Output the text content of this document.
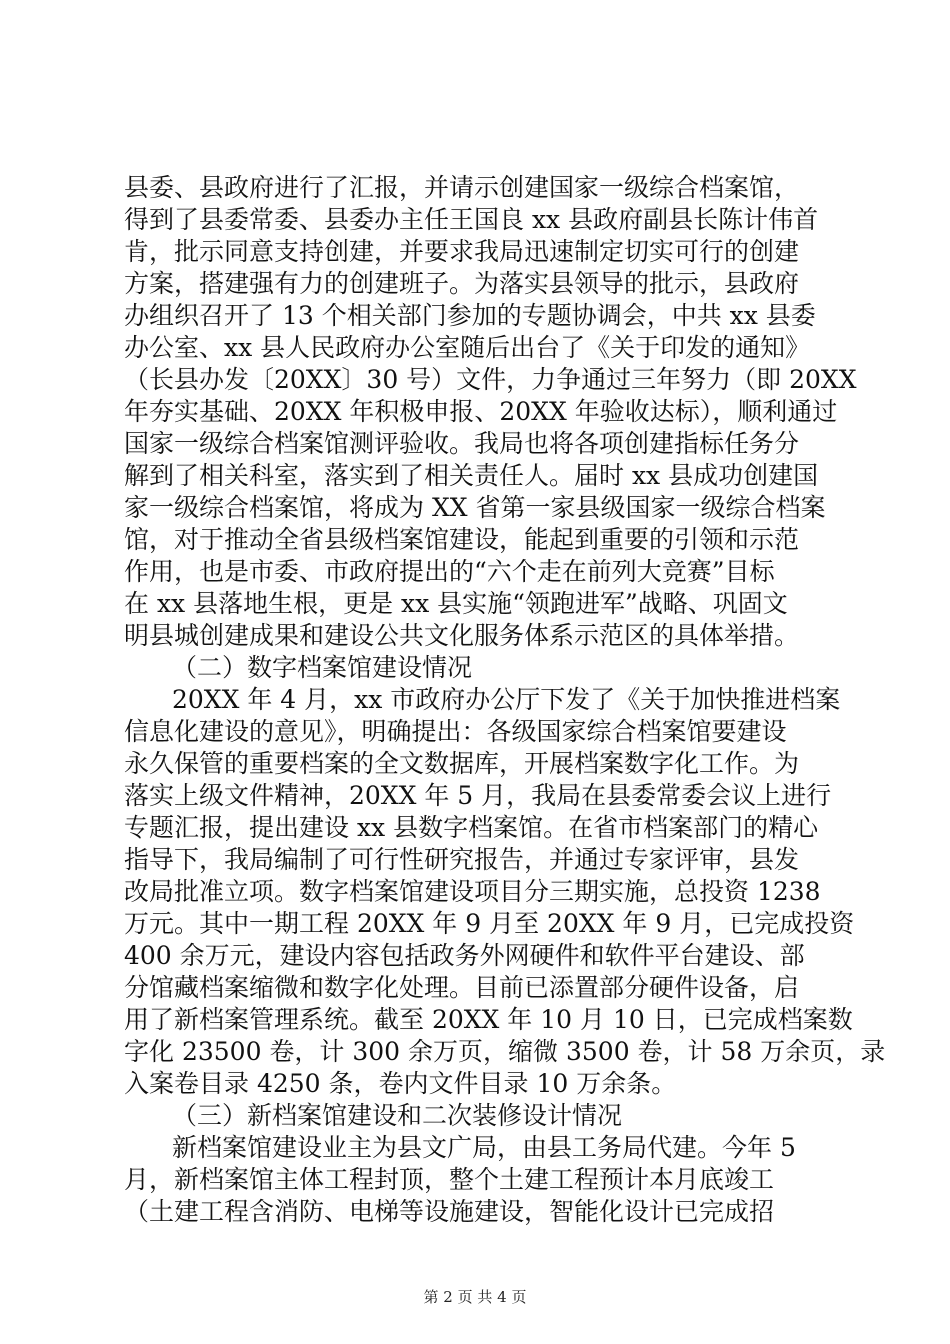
县委、县政府进行了汇报，并请示创建国家一级综合档案馆，
得到了县委常委、县委办主任王国良 xx 县政府副县长陈计伟首
肯，批示同意支持创建，并要求我局迅速制定切实可行的创建
方案，搭建强有力的创建班子。为落实县领导的批示，县政府
办组织召开了 13 个相关部门参加的专题协调会，中共 xx 县委
办公室、xx 县人民政府办公室随后出台了《关于印发的通知》
（长县办发〔20XX〕30 号）文件，力争通过三年努力（即 20XX
年夯实基础、20XX 年积极申报、20XX 年验收达标），顺利通过
国家一级综合档案馆测评验收。我局也将各项创建指标任务分
解到了相关科室，落实到了相关责任人。届时 xx 县成功创建国
家一级综合档案馆，将成为 XX 省第一家县级国家一级综合档案
馆，对于推动全省县级档案馆建设，能起到重要的引领和示范
作用，也是市委、市政府提出的“六个走在前列大竞赛”目标
在 xx 县落地生根，更是 xx 县实施“领跑进军”战略、巩固文
明县城创建成果和建设公共文化服务体系示范区的具体举措。
（二）数字档案馆建设情况
20XX 年 4 月，xx 市政府办公厅下发了《关于加快推进档案
信息化建设的意见》，明确提出：各级国家综合档案馆要建设
永久保管的重要档案的全文数据库，开展档案数字化工作。为
落实上级文件精神，20XX 年 5 月，我局在县委常委会议上进行
专题汇报，提出建设 xx 县数字档案馆。在省市档案部门的精心
指导下，我局编制了可行性研究报告，并通过专家评审，县发
改局批准立项。数字档案馆建设项目分三期实施，总投资 1238
万元。其中一期工程 20XX 年 9 月至 20XX 年 9 月，已完成投资
400 余万元，建设内容包括政务外网硬件和软件平台建设、部
分馆藏档案缩微和数字化处理。目前已添置部分硬件设备，启
用了新档案管理系统。截至 20XX 年 10 月 10 日，已完成档案数
字化 23500 卷，计 300 余万页，缩微 3500 卷，计 58 万余页，录
入案卷目录 4250 条，卷内文件目录 10 万余条。
（三）新档案馆建设和二次装修设计情况
新档案馆建设业主为县文广局，由县工务局代建。今年 5
月，新档案馆主体工程封顶，整个土建工程预计本月底竣工
（土建工程含消防、电梯等设施建设，智能化设计已完成招
第 2 页 共 4 页
